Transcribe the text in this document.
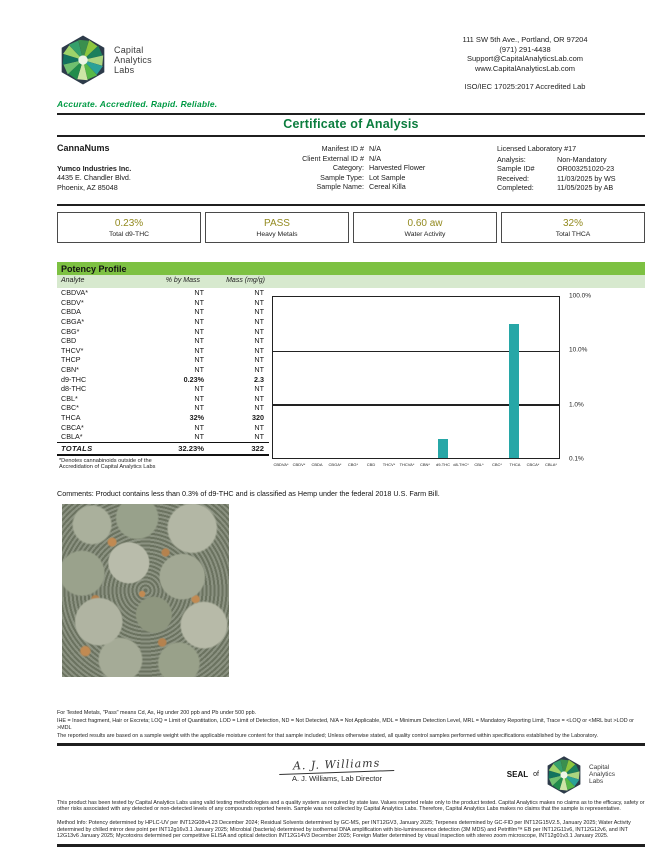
Capital
Analytics
Labs
111 SW 5th Ave., Portland, OR 97204
(971) 291-4438
Support@CapitalAnalyticsLab.com
www.CapitalAnalyticsLab.com
ISO/IEC 17025:2017 Accredited Lab
Accurate. Accredited. Rapid. Reliable.
Certificate of Analysis
CannaNums
Yumco Industries Inc.
4435 E. Chandler Blvd.
Phoenix, AZ 85048
Manifest ID # N/A
Client External ID # N/A
Category: Harvested Flower
Sample Type: Lot Sample
Sample Name: Cereal Killa
Licensed Laboratory #17
Analysis:	Non-Mandatory
Sample ID#	OR003251020-23
Received:	11/03/2025 by WS
Completed:	11/05/2025 by AB
0.23%
Total d9-THC
PASS
Heavy Metals
0.60 aw
Water Activity
32%
Total THCA
Potency Profile
Analyte	% by Mass	Mass (mg/g)
CBDVA*	NT	NT
CBDV*	NT	NT
CBDA	NT	NT
CBGA*	NT	NT
CBG*	NT	NT
CBD	NT	NT
THCV*	NT	NT
THCP	NT	NT
CBN*	NT	NT
d9-THC	0.23%	2.3
d8-THC	NT	NT
CBL*	NT	NT
CBC*	NT	NT
THCA	32%	320
CBCA*	NT	NT
CBLA*	NT	NT
TOTALS	32.23%	322
*Denotes cannabinoids outside of the
Accredidation of Capital Analytics Labs	CBDVA*	CBDV*	CBDA	CBGA*	CBG*	CBD	THCV*	THCVA*	CBN*	d9-THC d8-THC*	CBL*	CBC*	THCA	CBCA*	CBLA*
100.0%
10.0%
1.0%
0.1%
Comments: Product contains less than 0.3% of d9-THC and is classified as Hemp under the federal 2018 U.S. Farm Bill.

For Tested Metals, "Pass" means Cd, As, Hg under 200 ppb and Pb under 500 ppb.

IHE = Insect fragment, Hair or Excreta; LOQ = Limit of Quantitation, LOD = Limit of Detection, ND = Not Detected, N/A = Not Applicable, MDL = Minimum Detection Level, MRL = Mandatory Reporting Limit, Trace = <LOQ or <MRL but >LOD or >MDL

The reported results are based on a sample weight with the applicable moisture content for that sample included; Unless otherwise stated, all quality control samples performed within specifications established by the Laboratory.

A. J. Williams
A. J. Williams, Lab Director	SEAL of
Capital
Analytics
Labs
This product has been tested by Capital Analytics Labs using valid testing methodologies and a quality system as required by state law. Values reported relate only to the product tested. Capital Analytics makes no claims as to the efficacy, safety or other risks associated with any detected or non-detected levels of any compounds reported herein. Sample was not collected by Capital Analytics Labs. Therefore, Capital Analytics Labs makes no claims that the sample is representative.
Method Info: Potency determined by HPLC-UV per INT12G08v4.23 December 2024; Residual Solvents determined by GC-MS, per INT12GV3, January 2025; Terpenes determined by GC-FID per INT12G15V2.5, January 2025; Water Activity determined by chilled mirror dew point per INT12g16v3.1 January 2025; Microbial (bacteria) determined by isothermal DNA amplification with bio-luminescence detection (3M MDS) and Petrifilm™ EB per INT12G11v6, INT12G12v6, and INT 12G13v6 January 2025; Mycotoxins determined per competitive ELISA and optical detection INT12G14V3 December 2025; Foreign Matter determined by visual inspection with stereo zoom microscope, INT12g01v3.1 January 2025.
